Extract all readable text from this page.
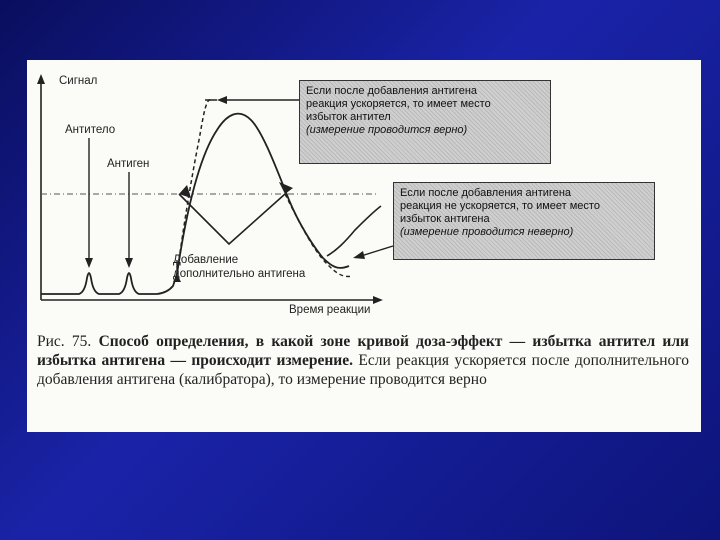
Сигнал
Время реакции
Антитело
Антиген
Добавление
дополнительно антигена
Если после добавления антигена
реакция ускоряется, то имеет место
избыток антител
(измерение проводится верно)
Если после добавления антигена
реакция не ускоряется, то имеет место
избыток антигена
(измерение проводится неверно)
Рис. 75. Способ определения, в какой зоне кривой доза-эффект — избытка антител или избытка антигена — происходит измерение. Если реакция ускоряется после дополнительного добавления антигена (калибратора), то измерение проводится верно
